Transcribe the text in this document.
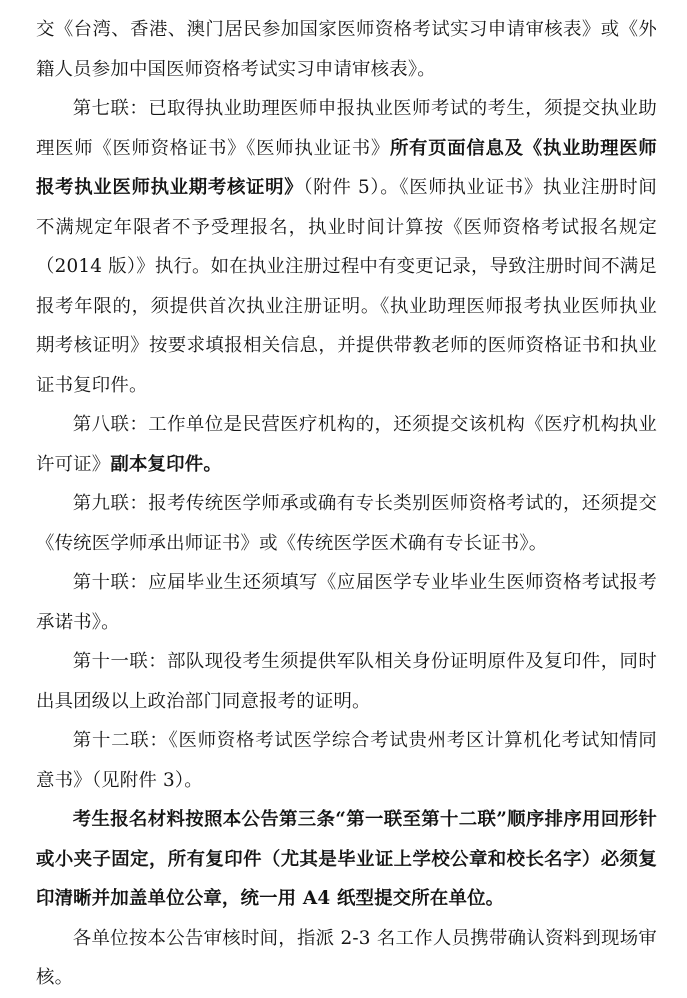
交《台湾、香港、澳门居民参加国家医师资格考试实习申请审核表》或《外籍人员参加中国医师资格考试实习申请审核表》。
第七联：已取得执业助理医师申报执业医师考试的考生，须提交执业助理医师《医师资格证书》《医师执业证书》所有页面信息及《执业助理医师报考执业医师执业期考核证明》（附件 5）。《医师执业证书》执业注册时间不满规定年限者不予受理报名，执业时间计算按《医师资格考试报名规定（2014 版）》执行。如在执业注册过程中有变更记录，导致注册时间不满足报考年限的，须提供首次执业注册证明。《执业助理医师报考执业医师执业期考核证明》按要求填报相关信息，并提供带教老师的医师资格证书和执业证书复印件。
第八联：工作单位是民营医疗机构的，还须提交该机构《医疗机构执业许可证》副本复印件。
第九联：报考传统医学师承或确有专长类别医师资格考试的，还须提交《传统医学师承出师证书》或《传统医学医术确有专长证书》。
第十联：应届毕业生还须填写《应届医学专业毕业生医师资格考试报考承诺书》。
第十一联：部队现役考生须提供军队相关身份证明原件及复印件，同时出具团级以上政治部门同意报考的证明。
第十二联：《医师资格考试医学综合考试贵州考区计算机化考试知情同意书》（见附件 3）。
考生报名材料按照本公告第三条“第一联至第十二联”顺序排序用回形针或小夹子固定，所有复印件（尤其是毕业证上学校公章和校长名字）必须复印清晰并加盖单位公章，统一用 A4 纸型提交所在单位。
各单位按本公告审核时间，指派 2-3 名工作人员携带确认资料到现场审核。
